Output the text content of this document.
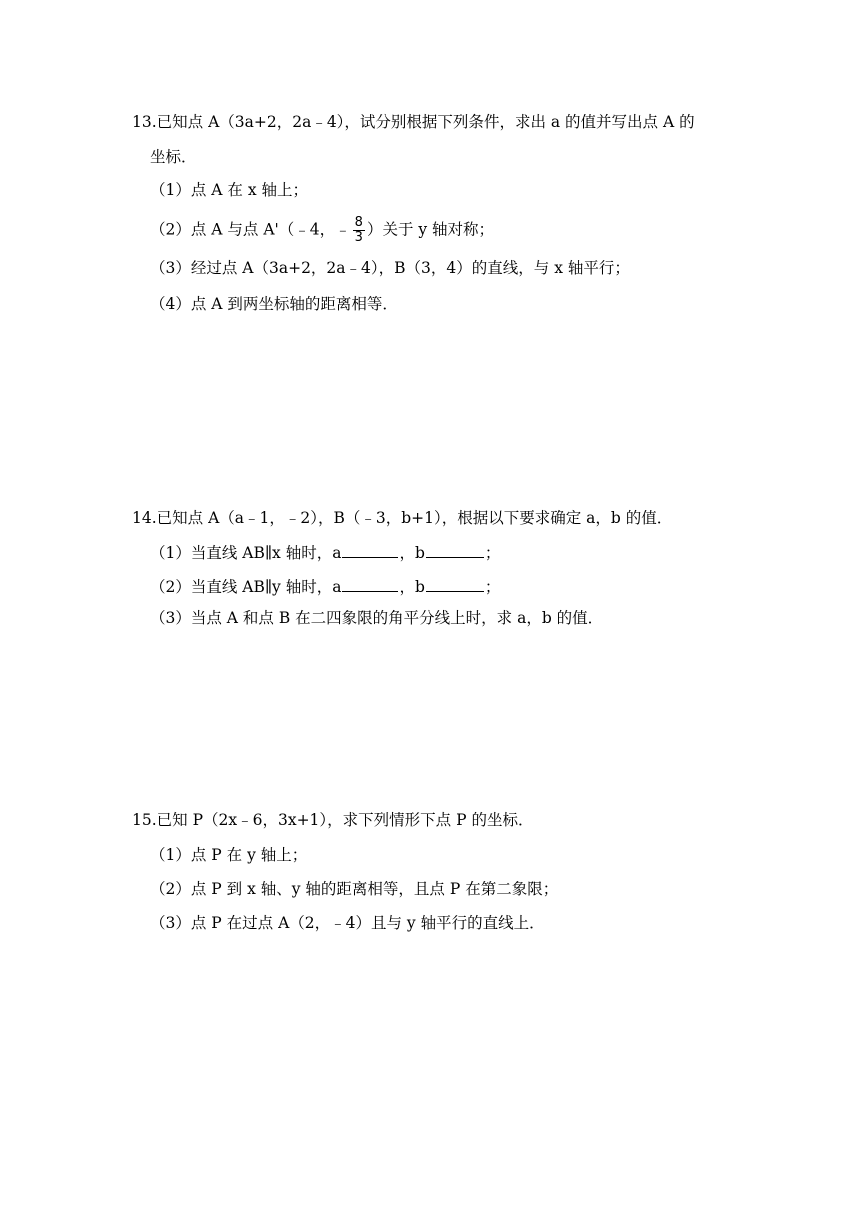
13.已知点 A（3a+2，2a﹣4），试分别根据下列条件，求出 a 的值并写出点 A 的
坐标．
（1）点 A 在 x 轴上；
（2）点 A 与点 A'（﹣4，﹣ $\frac{8}{3}$ ）关于 y 轴对称；
（3）经过点 A（3a+2，2a﹣4），B（3，4）的直线，与 x 轴平行；
（4）点 A 到两坐标轴的距离相等．
14.已知点 A（a﹣1，﹣2），B（﹣3，b+1），根据以下要求确定 a，b 的值．
（1）当直线 AB∥x 轴时，a	，b	；
（2）当直线 AB∥y 轴时，a	，b	；
（3）当点 A 和点 B 在二四象限的角平分线上时，求 a，b 的值．
15.已知 P（2x﹣6，3x+1），求下列情形下点 P 的坐标．
（1）点 P 在 y 轴上；
（2）点 P 到 x 轴、y 轴的距离相等，且点 P 在第二象限；
（3）点 P 在过点 A（2，﹣4）且与 y 轴平行的直线上．
